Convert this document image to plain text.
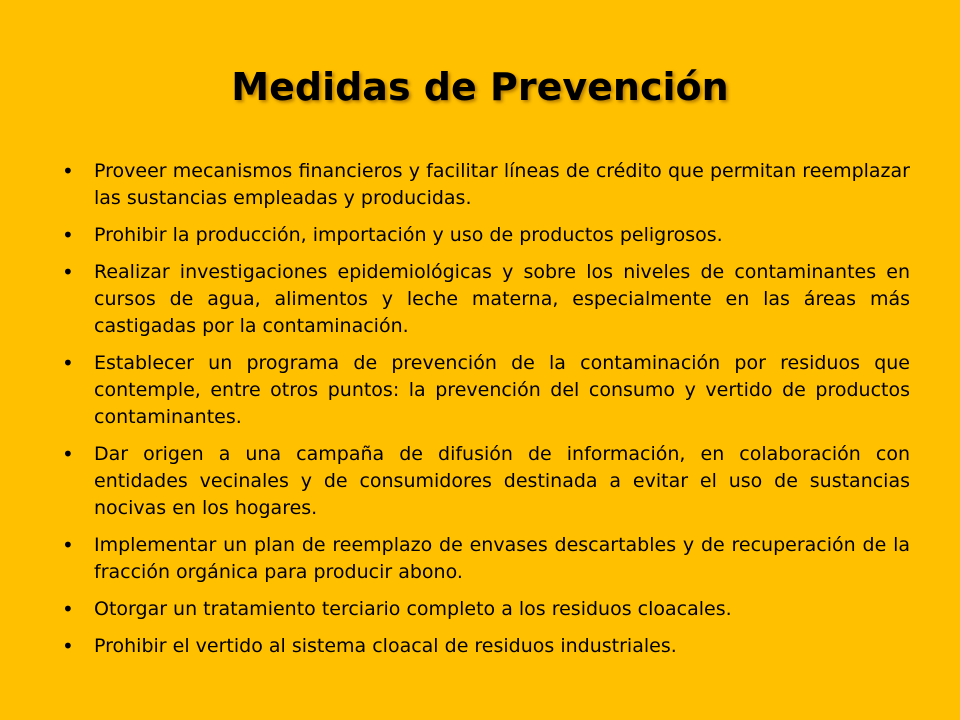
Medidas de Prevención
•	Proveer mecanismos financieros y facilitar líneas de crédito que permitan reemplazar las sustancias empleadas y producidas.
•	Prohibir la producción, importación y uso de productos peligrosos.
•	Realizar investigaciones epidemiológicas y sobre los niveles de contaminantes en cursos de agua, alimentos y leche materna, especialmente en las áreas más castigadas por la contaminación.
•	Establecer un programa de prevención de la contaminación por residuos que contemple, entre otros puntos: la prevención del consumo y vertido de productos contaminantes.
•	Dar origen a una campaña de difusión de información, en colaboración con entidades vecinales y de consumidores destinada a evitar el uso de sustancias nocivas en los hogares.
•	Implementar un plan de reemplazo de envases descartables y de recuperación de la fracción orgánica para producir abono.
•	Otorgar un tratamiento terciario completo a los residuos cloacales.
•	Prohibir el vertido al sistema cloacal de residuos industriales.
